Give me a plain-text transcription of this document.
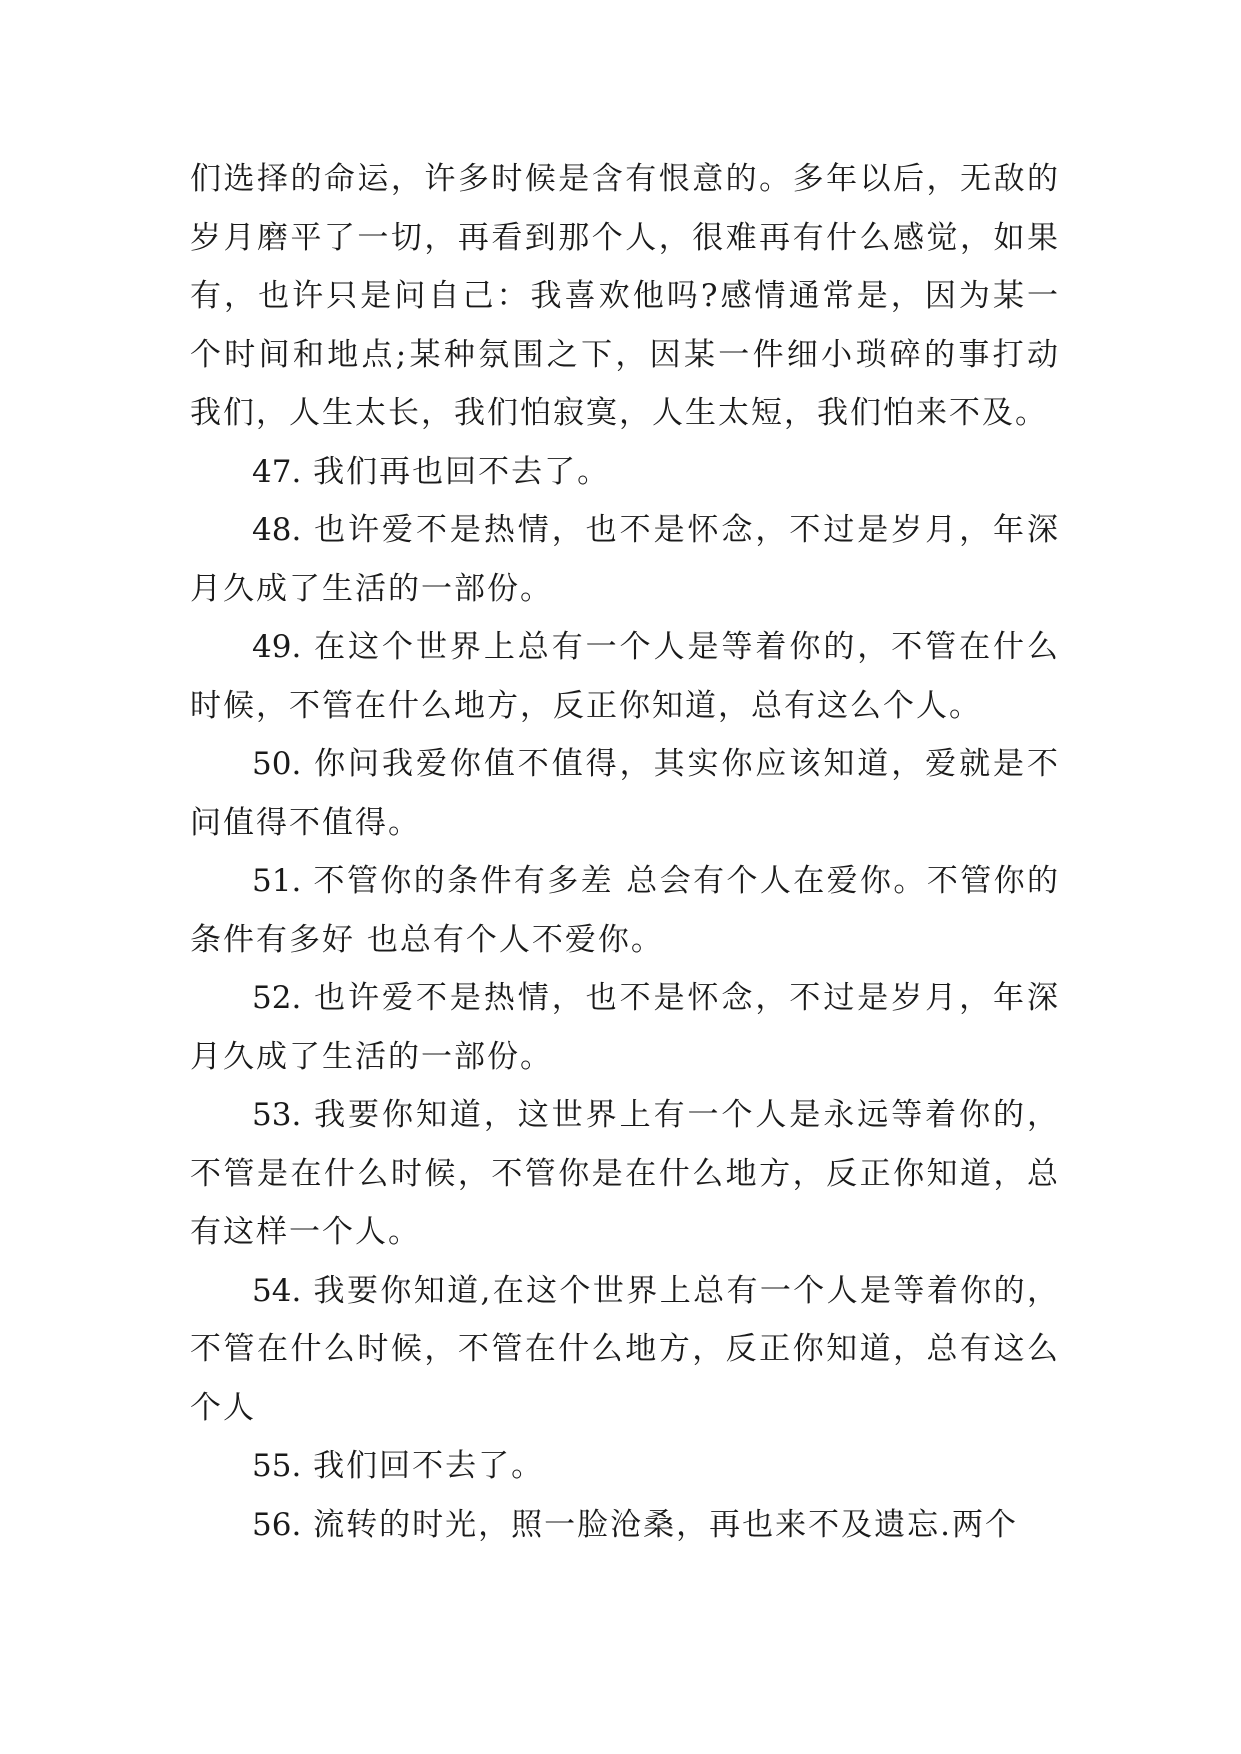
们选择的命运，许多时候是含有恨意的。多年以后，无敌的岁月磨平了一切，再看到那个人，很难再有什么感觉，如果有，也许只是问自己：我喜欢他吗?感情通常是，因为某一个时间和地点;某种氛围之下，因某一件细小琐碎的事打动我们，人生太长，我们怕寂寞，人生太短，我们怕来不及。

47. 我们再也回不去了。

48. 也许爱不是热情，也不是怀念，不过是岁月，年深月久成了生活的一部份。

49. 在这个世界上总有一个人是等着你的，不管在什么时候，不管在什么地方，反正你知道，总有这么个人。

50. 你问我爱你值不值得，其实你应该知道，爱就是不问值得不值得。

51. 不管你的条件有多差 总会有个人在爱你。不管你的条件有多好 也总有个人不爱你。

52. 也许爱不是热情，也不是怀念，不过是岁月，年深月久成了生活的一部份。

53. 我要你知道，这世界上有一个人是永远等着你的，不管是在什么时候，不管你是在什么地方，反正你知道，总有这样一个人。

54. 我要你知道,在这个世界上总有一个人是等着你的，不管在什么时候，不管在什么地方，反正你知道，总有这么个人

55. 我们回不去了。

56. 流转的时光，照一脸沧桑，再也来不及遗忘.两个
